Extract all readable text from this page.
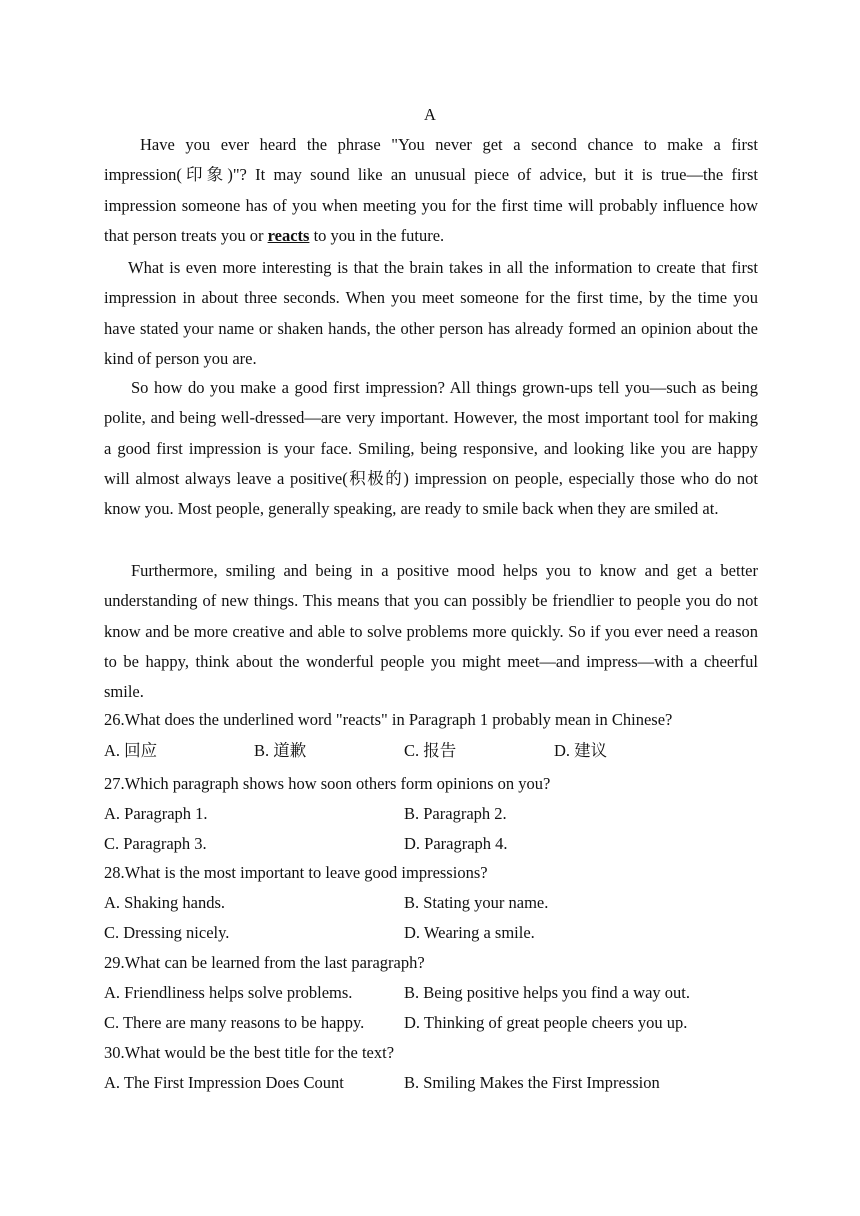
A

Have you ever heard the phrase "You never get a second chance to make a first impression(印象)"? It may sound like an unusual piece of advice, but it is true—the first impression someone has of you when meeting you for the first time will probably influence how that person treats you or reacts to you in the future.

What is even more interesting is that the brain takes in all the information to create that first impression in about three seconds. When you meet someone for the first time, by the time you have stated your name or shaken hands, the other person has already formed an opinion about the kind of person you are.

So how do you make a good first impression? All things grown-ups tell you—such as being polite, and being well-dressed—are very important. However, the most important tool for making a good first impression is your face. Smiling, being responsive, and looking like you are happy will almost always leave a positive(积极的) impression on people, especially those who do not know you. Most people, generally speaking, are ready to smile back when they are smiled at.

Furthermore, smiling and being in a positive mood helps you to know and get a better understanding of new things. This means that you can possibly be friendlier to people you do not know and be more creative and able to solve problems more quickly. So if you ever need a reason to be happy, think about the wonderful people you might meet—and impress—with a cheerful smile.

26.What does the underlined word "reacts" in Paragraph 1 probably mean in Chinese?
A. 回应	B. 道歉	C. 报告	D. 建议
27.Which paragraph shows how soon others form opinions on you?
A. Paragraph 1.	B. Paragraph 2.
C. Paragraph 3.	D. Paragraph 4.
28.What is the most important to leave good impressions?
A. Shaking hands.	B. Stating your name.
C. Dressing nicely.	D. Wearing a smile.
29.What can be learned from the last paragraph?
A. Friendliness helps solve problems.	B. Being positive helps you find a way out.
C. There are many reasons to be happy. D. Thinking of great people cheers you up.
30.What would be the best title for the text?
A. The First Impression Does Count	B. Smiling Makes the First Impression
